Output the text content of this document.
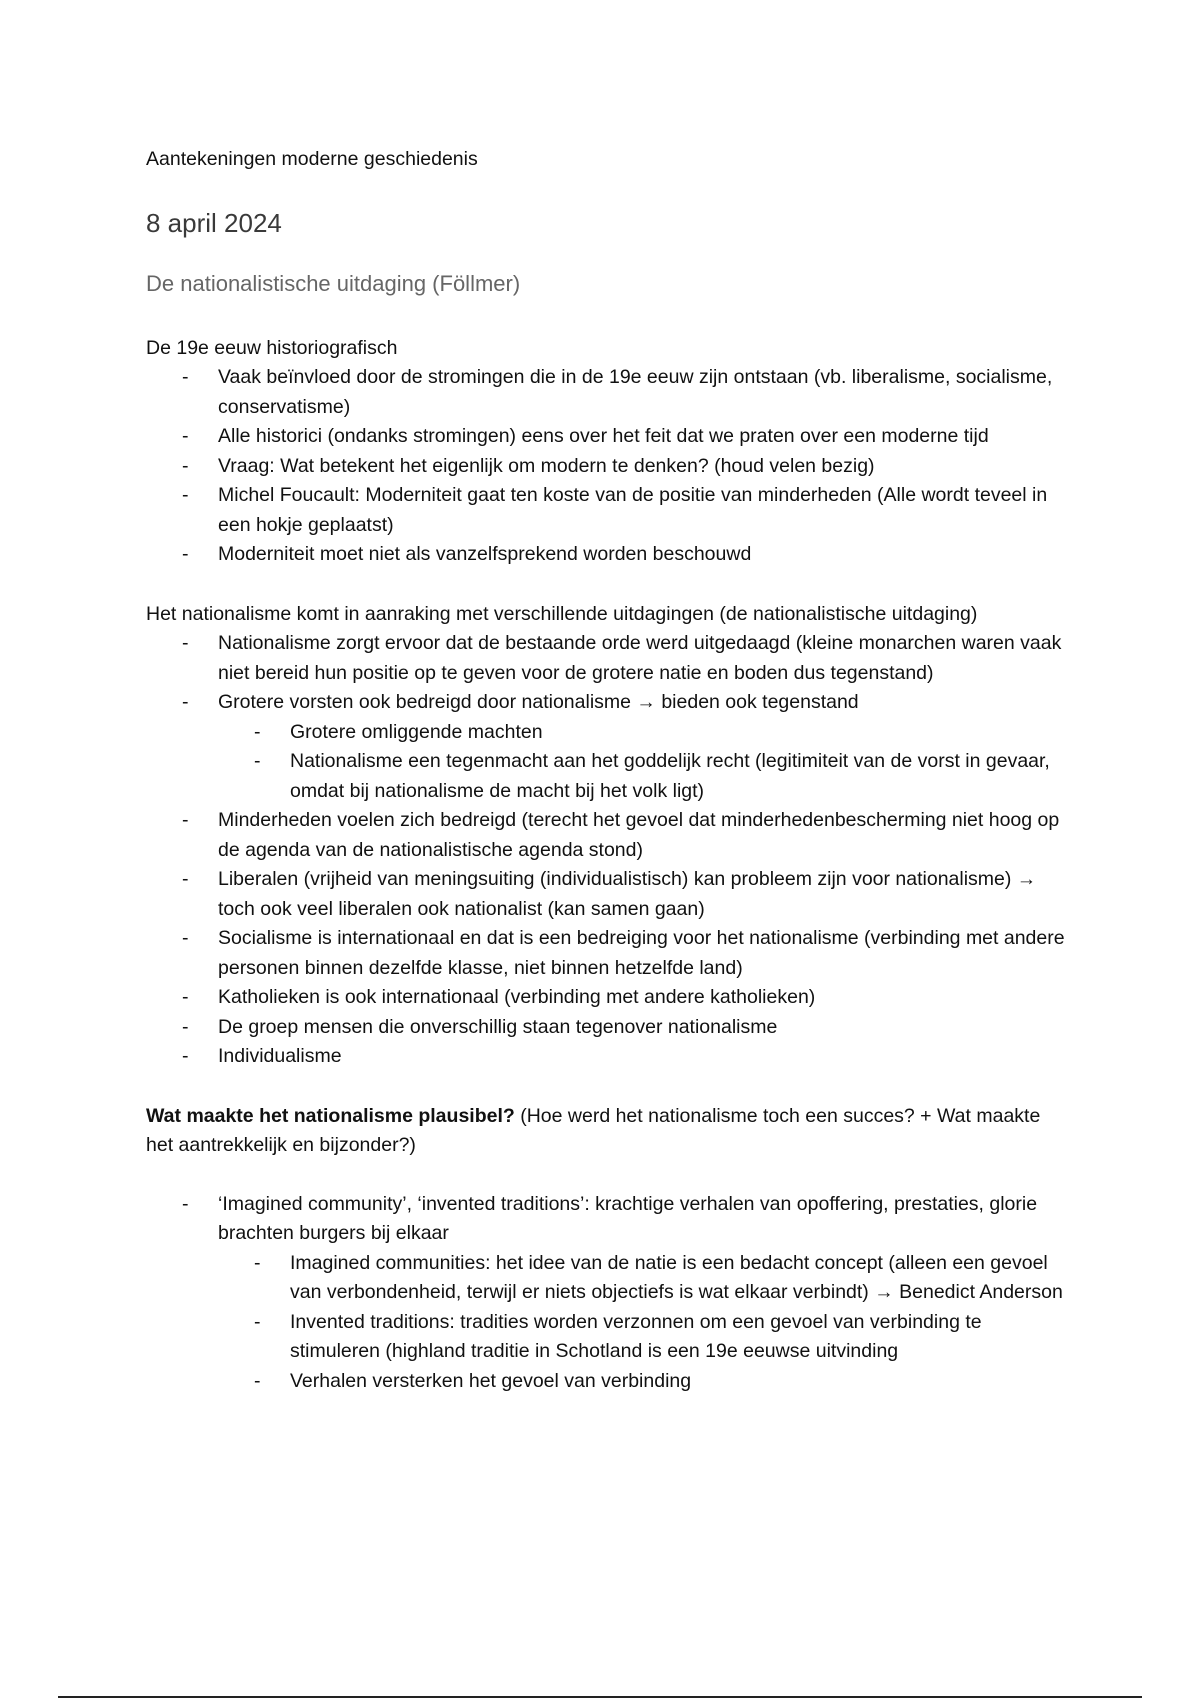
Aantekeningen moderne geschiedenis
8 april 2024
De nationalistische uitdaging (Föllmer)
De 19e eeuw historiografisch
- Vaak beïnvloed door de stromingen die in de 19e eeuw zijn ontstaan (vb. liberalisme, socialisme, conservatisme)
- Alle historici (ondanks stromingen) eens over het feit dat we praten over een moderne tijd
- Vraag: Wat betekent het eigenlijk om modern te denken? (houd velen bezig)
- Michel Foucault: Moderniteit gaat ten koste van de positie van minderheden (Alle wordt teveel in een hokje geplaatst)
- Moderniteit moet niet als vanzelfsprekend worden beschouwd
Het nationalisme komt in aanraking met verschillende uitdagingen (de nationalistische uitdaging)
- Nationalisme zorgt ervoor dat de bestaande orde werd uitgedaagd (kleine monarchen waren vaak niet bereid hun positie op te geven voor de grotere natie en boden dus tegenstand)
- Grotere vorsten ook bedreigd door nationalisme → bieden ook tegenstand
- Grotere omliggende machten
- Nationalisme een tegenmacht aan het goddelijk recht (legitimiteit van de vorst in gevaar, omdat bij nationalisme de macht bij het volk ligt)
- Minderheden voelen zich bedreigd (terecht het gevoel dat minderhedenbescherming niet hoog op de agenda van de nationalistische agenda stond)
- Liberalen (vrijheid van meningsuiting (individualistisch) kan probleem zijn voor nationalisme) → toch ook veel liberalen ook nationalist (kan samen gaan)
- Socialisme is internationaal en dat is een bedreiging voor het nationalisme (verbinding met andere personen binnen dezelfde klasse, niet binnen hetzelfde land)
- Katholieken is ook internationaal (verbinding met andere katholieken)
- De groep mensen die onverschillig staan tegenover nationalisme
- Individualisme
Wat maakte het nationalisme plausibel? (Hoe werd het nationalisme toch een succes? + Wat maakte het aantrekkelijk en bijzonder?)
- ‘Imagined community’, ‘invented traditions’: krachtige verhalen van opoffering, prestaties, glorie brachten burgers bij elkaar
- Imagined communities: het idee van de natie is een bedacht concept (alleen een gevoel van verbondenheid, terwijl er niets objectiefs is wat elkaar verbindt) → Benedict Anderson
- Invented traditions: tradities worden verzonnen om een gevoel van verbinding te stimuleren (highland traditie in Schotland is een 19e eeuwse uitvinding
- Verhalen versterken het gevoel van verbinding
